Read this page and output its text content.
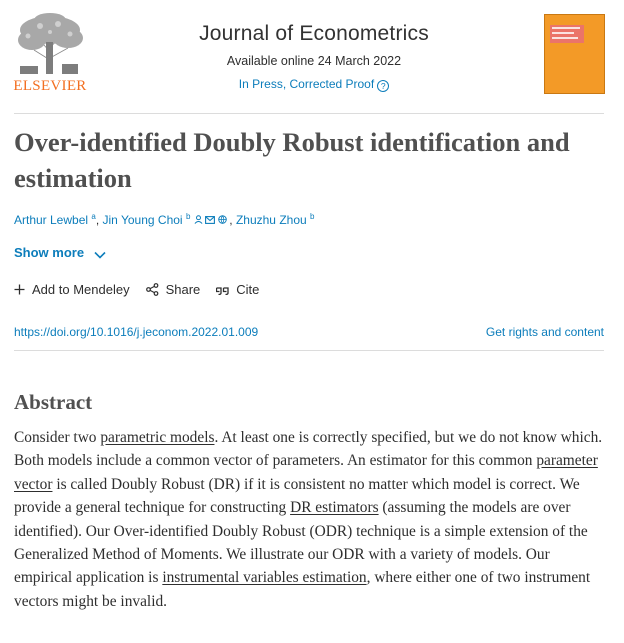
ELSEVIER
Journal of Econometrics
Available online 24 March 2022
In Press, Corrected Proof ?
Over-identified Doubly Robust identification and estimation
Arthur Lewbel $^a$, Jin Young Choi $^b$	, Zhuzhu Zhou $^b$
Show more
Add to Mendeley	Share	Cite
https://doi.org/10.1016/j.jeconom.2022.01.009	Get rights and content
Abstract

Consider two parametric models. At least one is correctly specified, but we do not know which. Both models include a common vector of parameters. An estimator for this common parameter vector is called Doubly Robust (DR) if it is consistent no matter which model is correct. We provide a general technique for constructing DR estimators (assuming the models are over identified). Our Over-identified Doubly Robust (ODR) technique is a simple extension of the Generalized Method of Moments. We illustrate our ODR with a variety of models. Our empirical application is instrumental variables estimation, where either one of two instrument vectors might be invalid.
